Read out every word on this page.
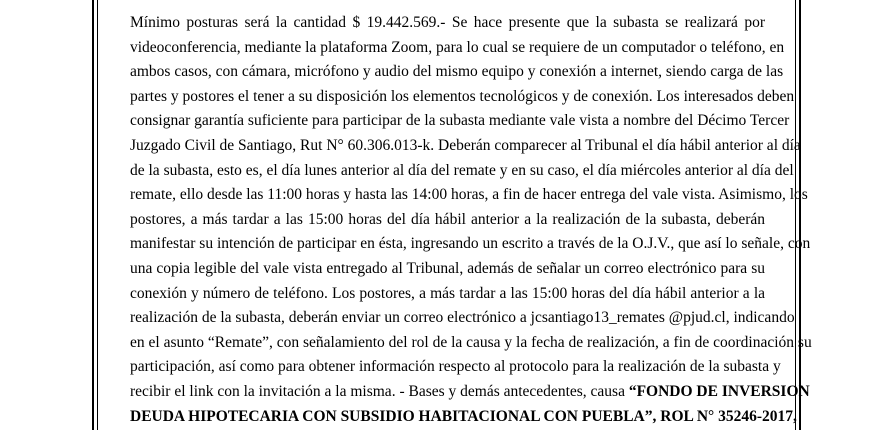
Mínimo posturas será la cantidad $ 19.442.569.- Se hace presente que la subasta se realizará por
videoconferencia, mediante la plataforma Zoom, para lo cual se requiere de un computador o teléfono, en
ambos casos, con cámara, micrófono y audio del mismo equipo y conexión a internet, siendo carga de las
partes y postores el tener a su disposición los elementos tecnológicos y de conexión. Los interesados deben
consignar garantía suficiente para participar de la subasta mediante vale vista a nombre del Décimo Tercer
Juzgado Civil de Santiago, Rut N° 60.306.013-k. Deberán comparecer al Tribunal el día hábil anterior al día
de la subasta, esto es, el día lunes anterior al día del remate y en su caso, el día miércoles anterior al día del
remate, ello desde las 11:00 horas y hasta las 14:00 horas, a fin de hacer entrega del vale vista. Asimismo, los
postores, a más tardar a las 15:00 horas del día hábil anterior a la realización de la subasta, deberán
manifestar su intención de participar en ésta, ingresando un escrito a través de la O.J.V., que así lo señale, con
una copia legible del vale vista entregado al Tribunal, además de señalar un correo electrónico para su
conexión y número de teléfono. Los postores, a más tardar a las 15:00 horas del día hábil anterior a la
realización de la subasta, deberán enviar un correo electrónico a jcsantiago13_remates @pjud.cl, indicando
en el asunto “Remate”, con señalamiento del rol de la causa y la fecha de realización, a fin de coordinación su
participación, así como para obtener información respecto al protocolo para la realización de la subasta y
recibir el link con la invitación a la misma. - Bases y demás antecedentes, causa “FONDO DE INVERSION
DEUDA HIPOTECARIA CON SUBSIDIO HABITACIONAL CON PUEBLA”, ROL N° 35246-2017,
